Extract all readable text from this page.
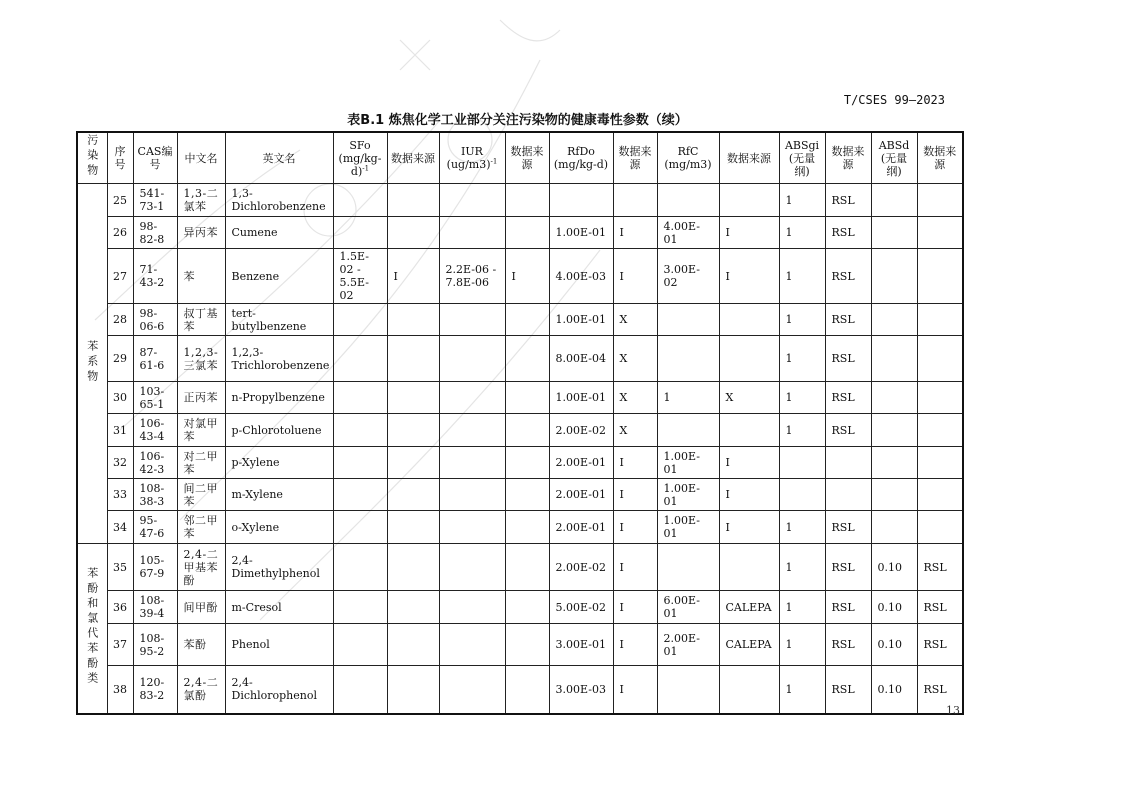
T/CSES 99—2023
表B.1 炼焦化学工业部分关注污染物的健康毒性参数（续）
污染物	序号	CAS编号	中文名	英文名	SFo $(mg/kg-d)^{-1}$	数据来源	IUR $(ug/m3)^{-1}$	数据来源	RfDo (mg/kg-d)	数据来源	RfC (mg/m3)	数据来源	ABSgi (无量纲)	数据来源	ABSd (无量纲)	数据来源
苯系物	25	541-73-1	1,3-二氯苯	1,3-Dichlorobenzene									1	RSL		
	26	98-82-8	异丙苯	Cumene					1.00E-01	I	4.00E-01	I	1	RSL		
	27	71-43-2	苯	Benzene	1.5E-02 - 5.5E-02	I	2.2E-06 - 7.8E-06	I	4.00E-03	I	3.00E-02	I	1	RSL		
	28	98-06-6	叔丁基苯	tert-butylbenzene					1.00E-01	X			1	RSL		
	29	87-61-6	1,2,3-三氯苯	1,2,3-Trichlorobenzene					8.00E-04	X			1	RSL		
	30	103-65-1	正丙苯	n-Propylbenzene					1.00E-01	X	1	X	1	RSL		
	31	106-43-4	对氯甲苯	p-Chlorotoluene					2.00E-02	X			1	RSL		
	32	106-42-3	对二甲苯	p-Xylene					2.00E-01	I	1.00E-01	I				
	33	108-38-3	间二甲苯	m-Xylene					2.00E-01	I	1.00E-01	I				
	34	95-47-6	邻二甲苯	o-Xylene					2.00E-01	I	1.00E-01	I	1	RSL		
苯酚和氯代苯酚类	35	105-67-9	2,4-二甲基苯酚	2,4-Dimethylphenol					2.00E-02	I			1	RSL	0.10	RSL
	36	108-39-4	间甲酚	m-Cresol					5.00E-02	I	6.00E-01	CALEPA	1	RSL	0.10	RSL
	37	108-95-2	苯酚	Phenol					3.00E-01	I	2.00E-01	CALEPA	1	RSL	0.10	RSL
	38	120-83-2	2,4-二氯酚	2,4-Dichlorophenol					3.00E-03	I			1	RSL	0.10	RSL
13
